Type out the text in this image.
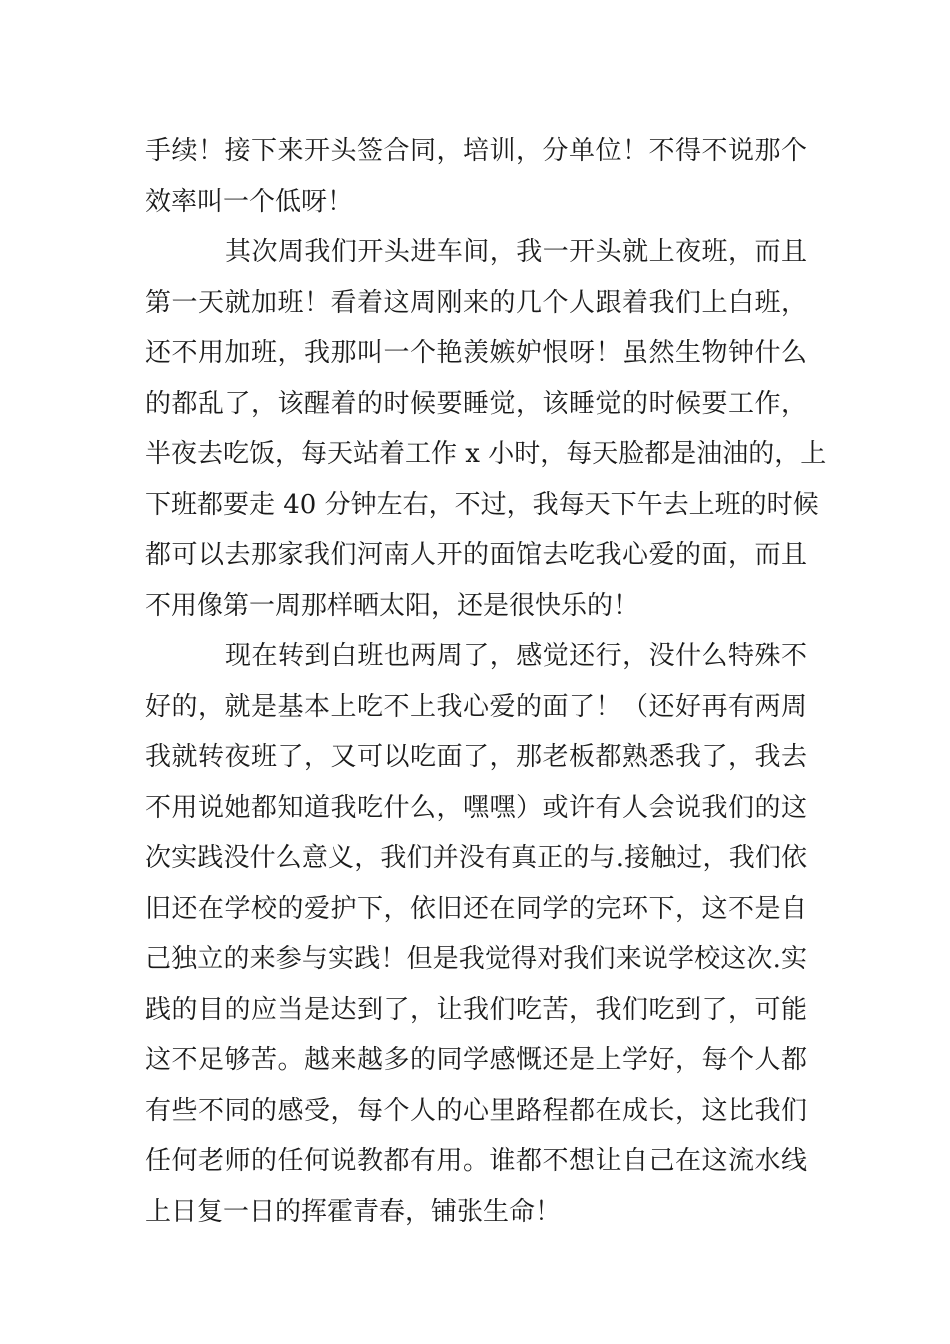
手续！接下来开头签合同，培训，分单位！不得不说那个
效率叫一个低呀！
其次周我们开头进车间，我一开头就上夜班，而且
第一天就加班！看着这周刚来的几个人跟着我们上白班，
还不用加班，我那叫一个艳羡嫉妒恨呀！虽然生物钟什么
的都乱了，该醒着的时候要睡觉，该睡觉的时候要工作，
半夜去吃饭，每天站着工作 x 小时，每天脸都是油油的，上
下班都要走 40 分钟左右，不过，我每天下午去上班的时候
都可以去那家我们河南人开的面馆去吃我心爱的面，而且
不用像第一周那样晒太阳，还是很快乐的！
现在转到白班也两周了，感觉还行，没什么特殊不
好的，就是基本上吃不上我心爱的面了！（还好再有两周
我就转夜班了，又可以吃面了，那老板都熟悉我了，我去
不用说她都知道我吃什么，嘿嘿）或许有人会说我们的这
次实践没什么意义，我们并没有真正的与.接触过，我们依
旧还在学校的爱护下，依旧还在同学的完环下，这不是自
己独立的来参与实践！但是我觉得对我们来说学校这次.实
践的目的应当是达到了，让我们吃苦，我们吃到了，可能
这不足够苦。越来越多的同学感慨还是上学好，每个人都
有些不同的感受，每个人的心里路程都在成长，这比我们
任何老师的任何说教都有用。谁都不想让自己在这流水线
上日复一日的挥霍青春，铺张生命！
